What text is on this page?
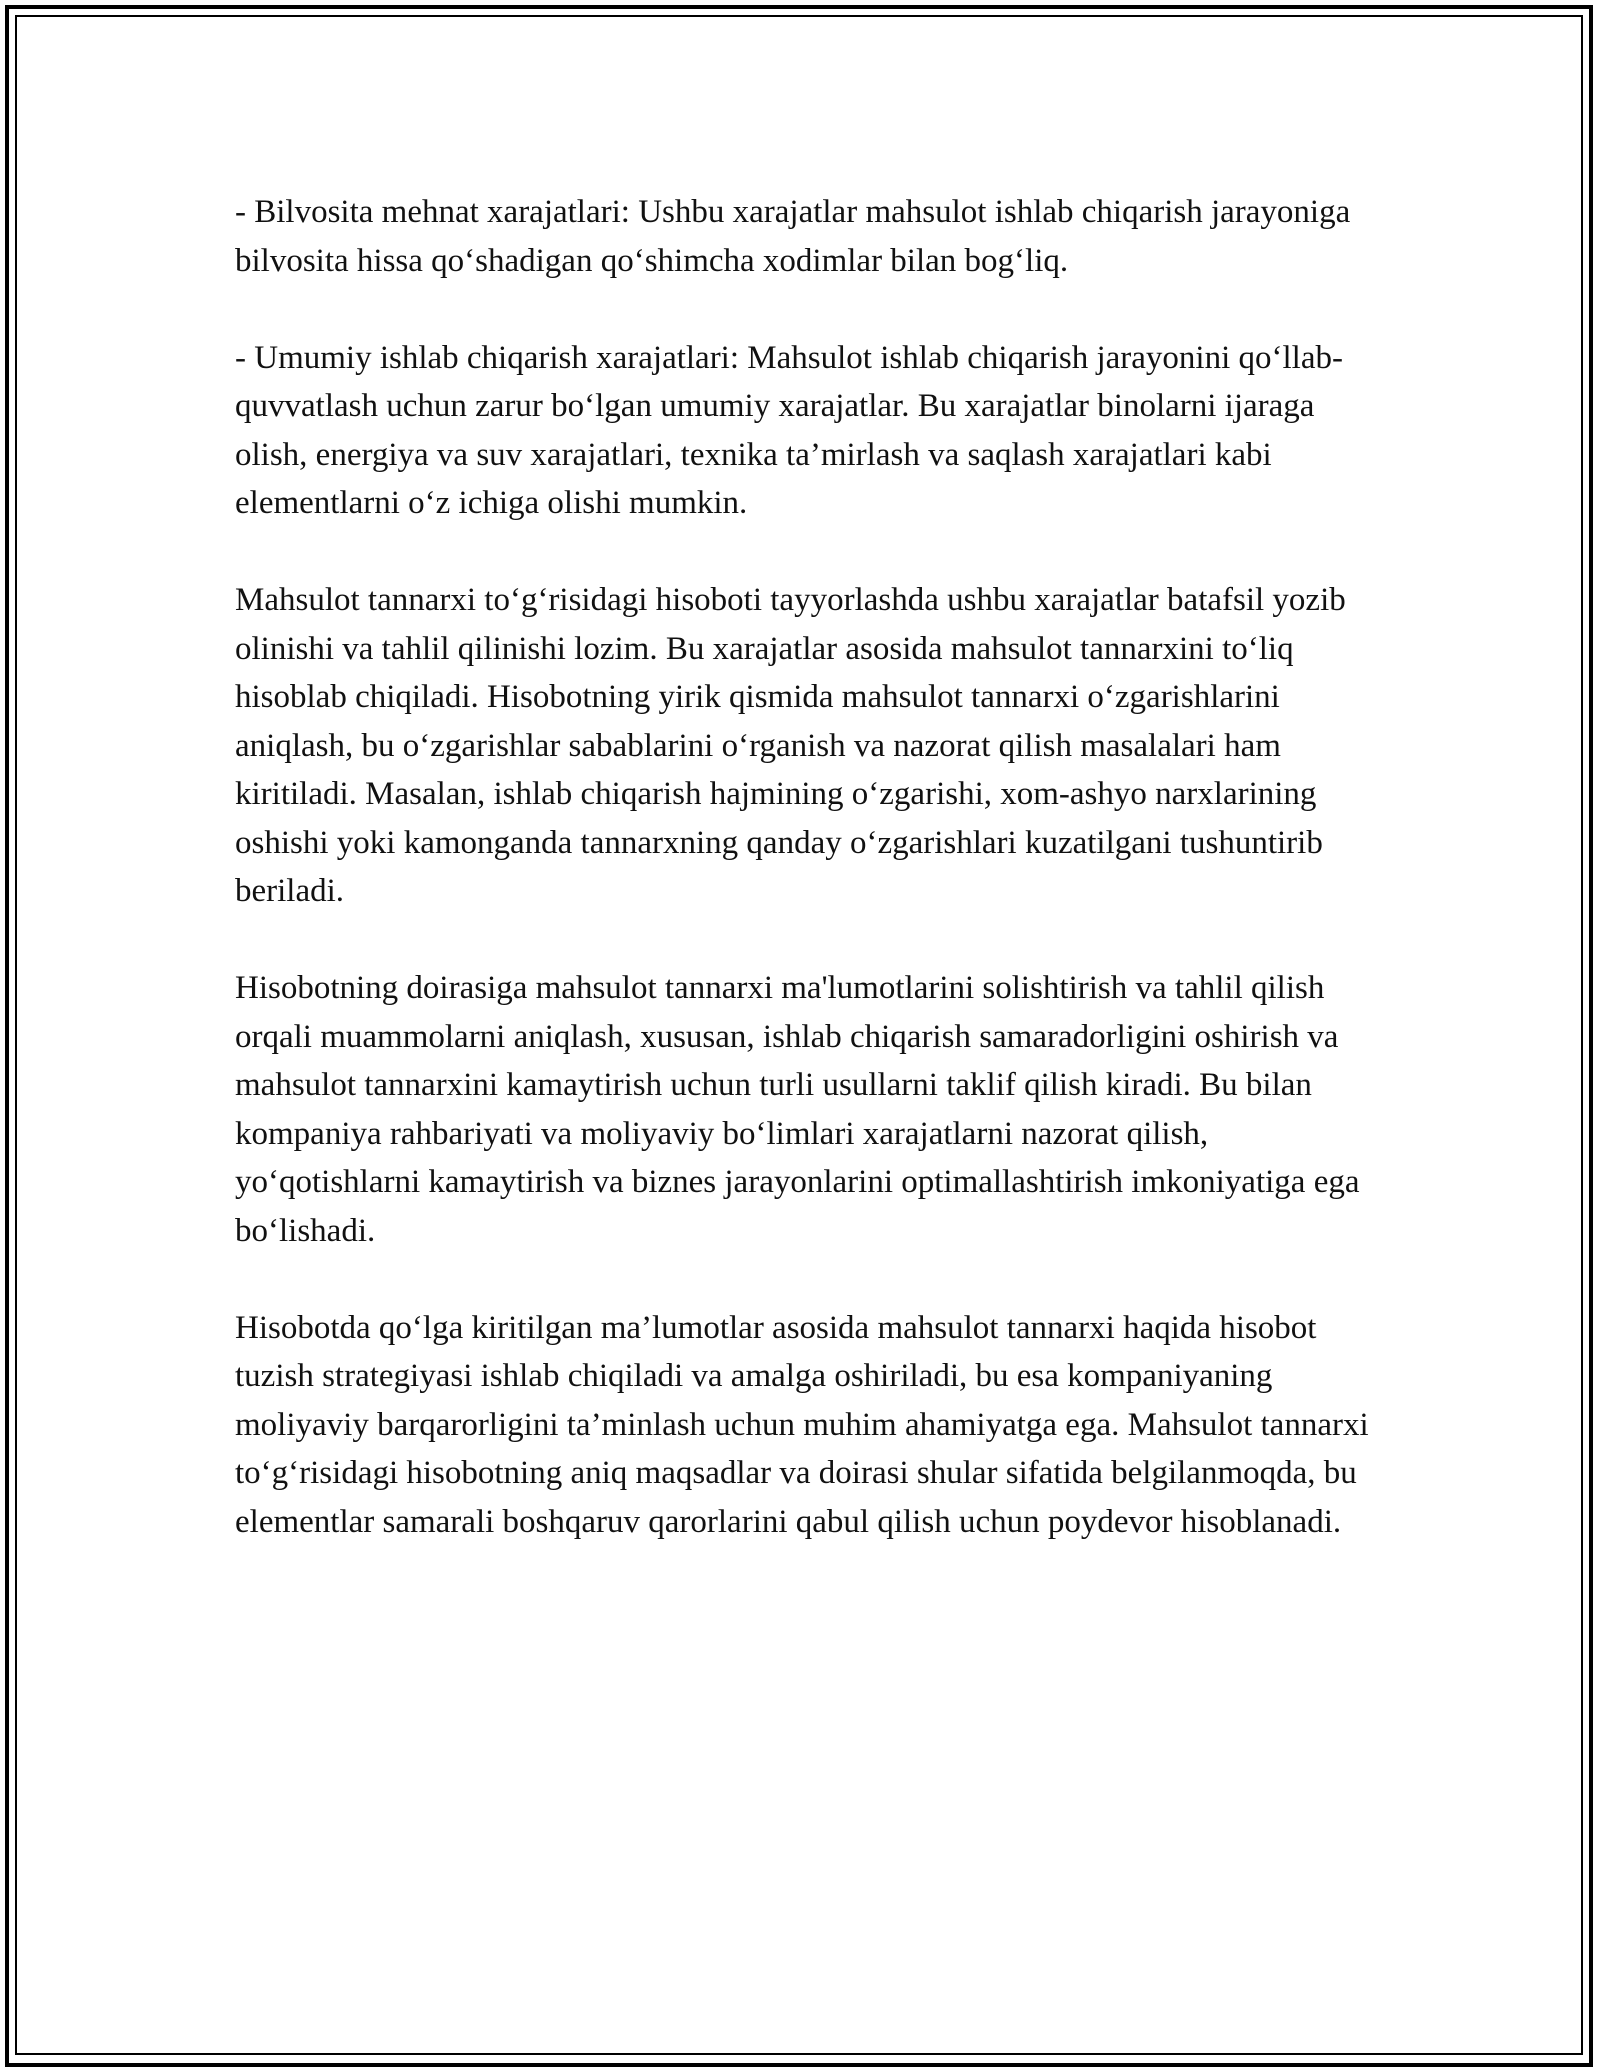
- Bilvosita mehnat xarajatlari: Ushbu xarajatlar mahsulot ishlab chiqarish jarayoniga bilvosita hissa qo‘shadigan qo‘shimcha xodimlar bilan bog‘liq.

- Umumiy ishlab chiqarish xarajatlari: Mahsulot ishlab chiqarish jarayonini qo‘llab-quvvatlash uchun zarur bo‘lgan umumiy xarajatlar. Bu xarajatlar binolarni ijaraga olish, energiya va suv xarajatlari, texnika ta’mirlash va saqlash xarajatlari kabi elementlarni o‘z ichiga olishi mumkin.

Mahsulot tannarxi to‘g‘risidagi hisoboti tayyorlashda ushbu xarajatlar batafsil yozib olinishi va tahlil qilinishi lozim. Bu xarajatlar asosida mahsulot tannarxini to‘liq hisoblab chiqiladi. Hisobotning yirik qismida mahsulot tannarxi o‘zgarishlarini aniqlash, bu o‘zgarishlar sabablarini o‘rganish va nazorat qilish masalalari ham kiritiladi. Masalan, ishlab chiqarish hajmining o‘zgarishi, xom-ashyo narxlarining oshishi yoki kamonganda tannarxning qanday o‘zgarishlari kuzatilgani tushuntirib beriladi.

Hisobotning doirasiga mahsulot tannarxi ma'lumotlarini solishtirish va tahlil qilish orqali muammolarni aniqlash, xususan, ishlab chiqarish samaradorligini oshirish va mahsulot tannarxini kamaytirish uchun turli usullarni taklif qilish kiradi. Bu bilan kompaniya rahbariyati va moliyaviy bo‘limlari xarajatlarni nazorat qilish, yo‘qotishlarni kamaytirish va biznes jarayonlarini optimallashtirish imkoniyatiga ega bo‘lishadi.

Hisobotda qo‘lga kiritilgan ma’lumotlar asosida mahsulot tannarxi haqida hisobot tuzish strategiyasi ishlab chiqiladi va amalga oshiriladi, bu esa kompaniyaning moliyaviy barqarorligini ta’minlash uchun muhim ahamiyatga ega. Mahsulot tannarxi to‘g‘risidagi hisobotning aniq maqsadlar va doirasi shular sifatida belgilanmoqda, bu elementlar samarali boshqaruv qarorlarini qabul qilish uchun poydevor hisoblanadi.
